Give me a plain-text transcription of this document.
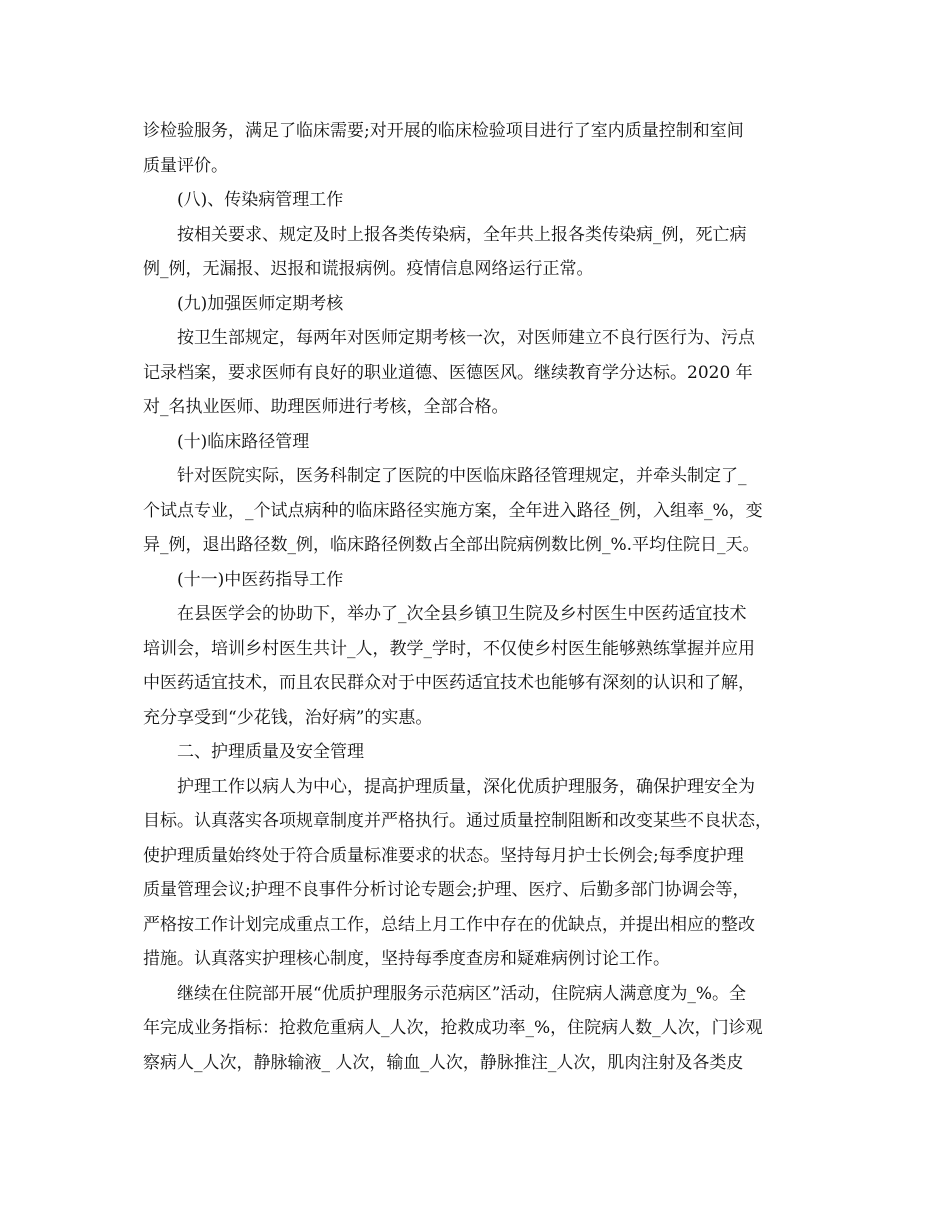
诊检验服务，满足了临床需要;对开展的临床检验项目进行了室内质量控制和室间
质量评价。
(八)、传染病管理工作
按相关要求、规定及时上报各类传染病，全年共上报各类传染病_例，死亡病
例_例，无漏报、迟报和谎报病例。疫情信息网络运行正常。
(九)加强医师定期考核
按卫生部规定，每两年对医师定期考核一次，对医师建立不良行医行为、污点
记录档案，要求医师有良好的职业道德、医德医风。继续教育学分达标。2020 年
对_名执业医师、助理医师进行考核，全部合格。
(十)临床路径管理
针对医院实际，医务科制定了医院的中医临床路径管理规定，并牵头制定了_
个试点专业，_个试点病种的临床路径实施方案，全年进入路径_例，入组率_%，变
异_例，退出路径数_例，临床路径例数占全部出院病例数比例_%.平均住院日_天。
(十一)中医药指导工作
在县医学会的协助下，举办了_次全县乡镇卫生院及乡村医生中医药适宜技术
培训会，培训乡村医生共计_人，教学_学时，不仅使乡村医生能够熟练掌握并应用
中医药适宜技术，而且农民群众对于中医药适宜技术也能够有深刻的认识和了解，
充分享受到“少花钱，治好病”的实惠。
二、护理质量及安全管理
护理工作以病人为中心，提高护理质量，深化优质护理服务，确保护理安全为
目标。认真落实各项规章制度并严格执行。通过质量控制阻断和改变某些不良状态，
使护理质量始终处于符合质量标准要求的状态。坚持每月护士长例会;每季度护理
质量管理会议;护理不良事件分析讨论专题会;护理、医疗、后勤多部门协调会等，
严格按工作计划完成重点工作，总结上月工作中存在的优缺点，并提出相应的整改
措施。认真落实护理核心制度，坚持每季度查房和疑难病例讨论工作。
继续在住院部开展“优质护理服务示范病区”活动，住院病人满意度为_%。全
年完成业务指标：抢救危重病人_人次，抢救成功率_%，住院病人数_人次，门诊观
察病人_人次，静脉输液_ 人次，输血_人次，静脉推注_人次，肌肉注射及各类皮
